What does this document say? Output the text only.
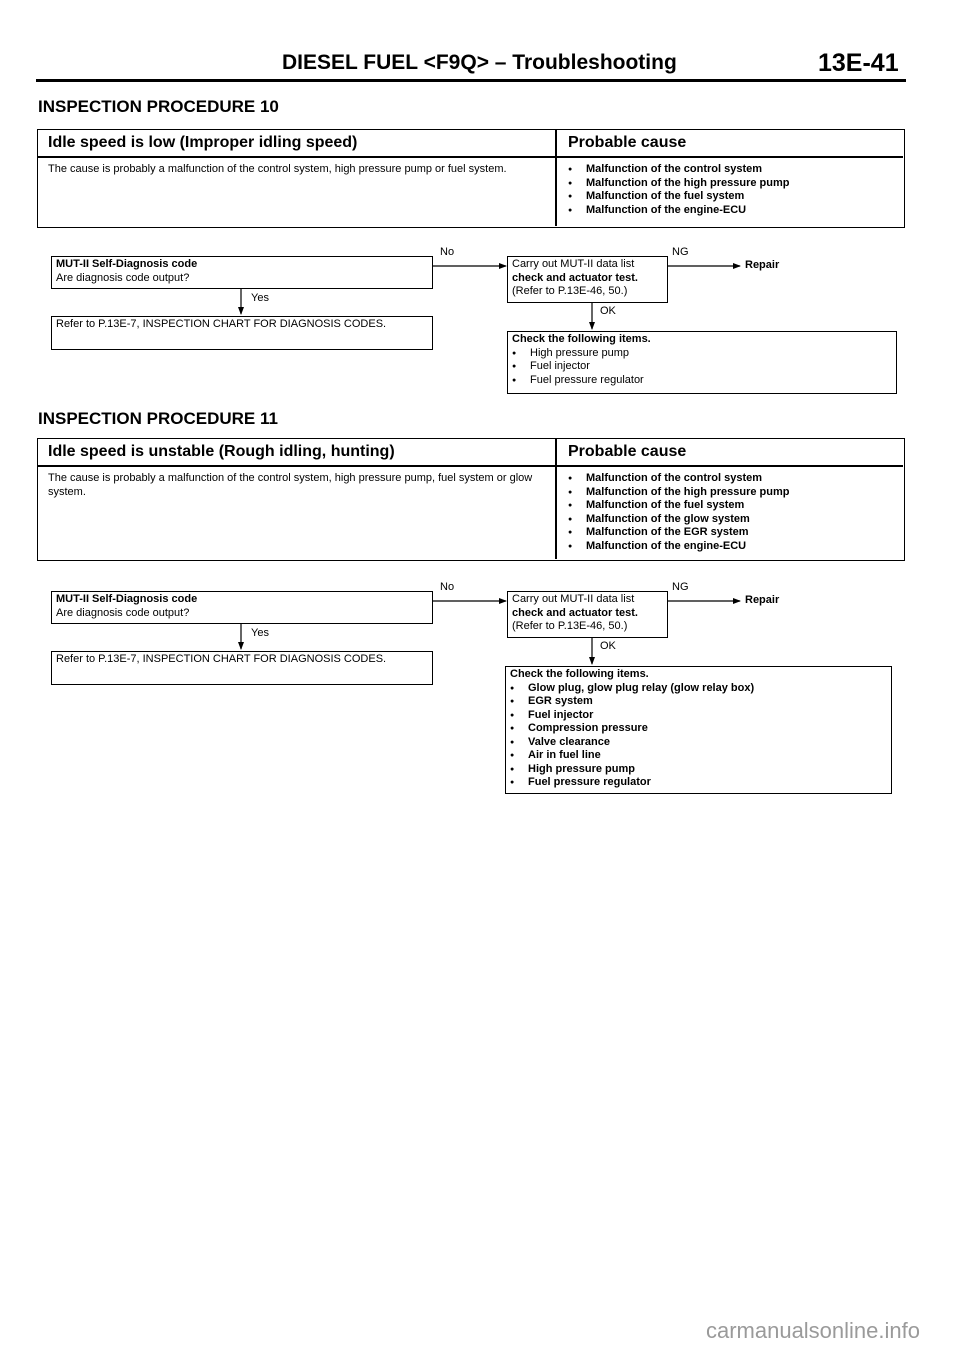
DIESEL FUEL <F9Q> – Troubleshooting	13E-41
INSPECTION PROCEDURE 10
Idle speed is low (Improper idling speed)	Probable cause
The cause is probably a malfunction of the control system, high pressure pump or fuel system.
●	Malfunction of the control system
● Malfunction of the high pressure pump
● Malfunction of the fuel system
● Malfunction of the engine-ECU
MUT-II Self-Diagnosis code
Are diagnosis code output?
No
Yes
Refer to P.13E-7, INSPECTION CHART FOR DIAGNOSIS CODES.
Carry out MUT-II data list
check and actuator test.
(Refer to P.13E-46, 50.)
NG
Repair
OK
Check the following items.
● High pressure pump
● Fuel injector
● Fuel pressure regulator
INSPECTION PROCEDURE 11
Idle speed is unstable (Rough idling, hunting)	Probable cause
The cause is probably a malfunction of the control system, high pressure pump, fuel system or glow system.
● Malfunction of the control system
● Malfunction of the high pressure pump
● Malfunction of the fuel system
● Malfunction of the glow system
● Malfunction of the EGR system
● Malfunction of the engine-ECU
MUT-II Self-Diagnosis code
Are diagnosis code output?
No
Yes
Refer to P.13E-7, INSPECTION CHART FOR DIAGNOSIS CODES.
Carry out MUT-II data list
check and actuator test.
(Refer to P.13E-46, 50.)
NG
Repair
OK
Check the following items.
● Glow plug, glow plug relay (glow relay box)
● EGR system
● Fuel injector
● Compression pressure
● Valve clearance
● Air in fuel line
● High pressure pump
● Fuel pressure regulator
carmanualsonline.info
